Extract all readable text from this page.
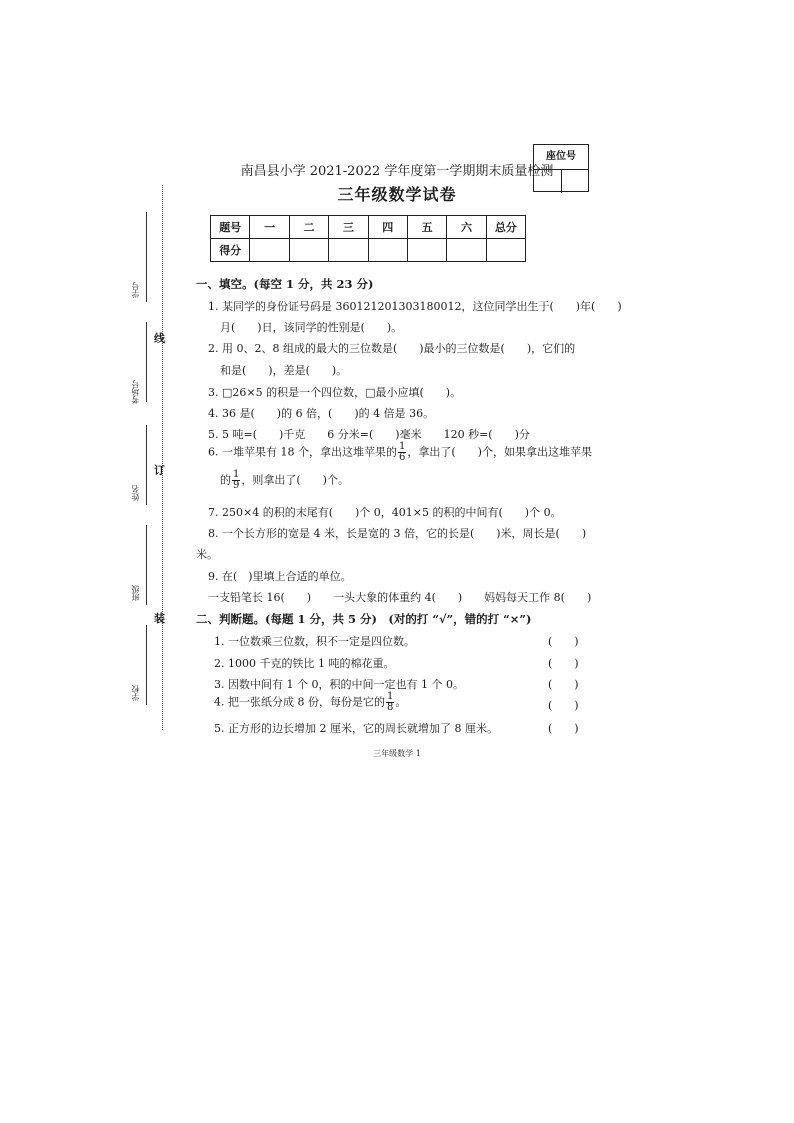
线
订
装
学号
考场号
姓名
班级
学校
南昌县小学 2021-2022 学年度第一学期期末质量检测
三年级数学试卷
座位号
题号	一	二	三	四	五	六	总分
得分							
一、填空。(每空 1 分，共 23 分)
1. 某同学的身份证号码是 360121201303180012，这位同学出生于(　　)年(　　)
月(　　)日，该同学的性别是(　　)。
2. 用 0、2、8 组成的最大的三位数是(　　)最小的三位数是(　　)，它们的
和是(　　)，差是(　　)。
3. □26×5 的积是一个四位数，□最小应填(　　)。
4. 36 是(　　)的 6 倍，(　　)的 4 倍是 36。
5. 5 吨=(　　)千克　　6 分米=(　　)毫米　　120 秒=(　　)分
6. 一堆苹果有 18 个，拿出这堆苹果的 $\frac{1}{6}$ ，拿出了(　　)个，如果拿出这堆苹果
的 $\frac{1}{9}$ ，则拿出了(　　)个。
7. 250×4 的积的末尾有(　　)个 0，401×5 的积的中间有(　　)个 0。
8. 一个长方形的宽是 4 米，长是宽的 3 倍，它的长是(　　)米，周长是(　　)
米。
9. 在(　)里填上合适的单位。
一支铅笔长 16(　　)　　一头大象的体重约 4(　　)　　妈妈每天工作 8(　　)
二、判断题。(每题 1 分，共 5 分)　(对的打 “√”，错的打 “×”)
1. 一位数乘三位数，积不一定是四位数。	(　　)
2. 1000 千克的铁比 1 吨的棉花重。	(　　)
3. 因数中间有 1 个 0，积的中间一定也有 1 个 0。	(　　)
4. 把一张纸分成 8 份，每份是它的 $\frac{1}{8}$ 。	(　　)
5. 正方形的边长增加 2 厘米，它的周长就增加了 8 厘米。	(　　)
三年级数学 1
